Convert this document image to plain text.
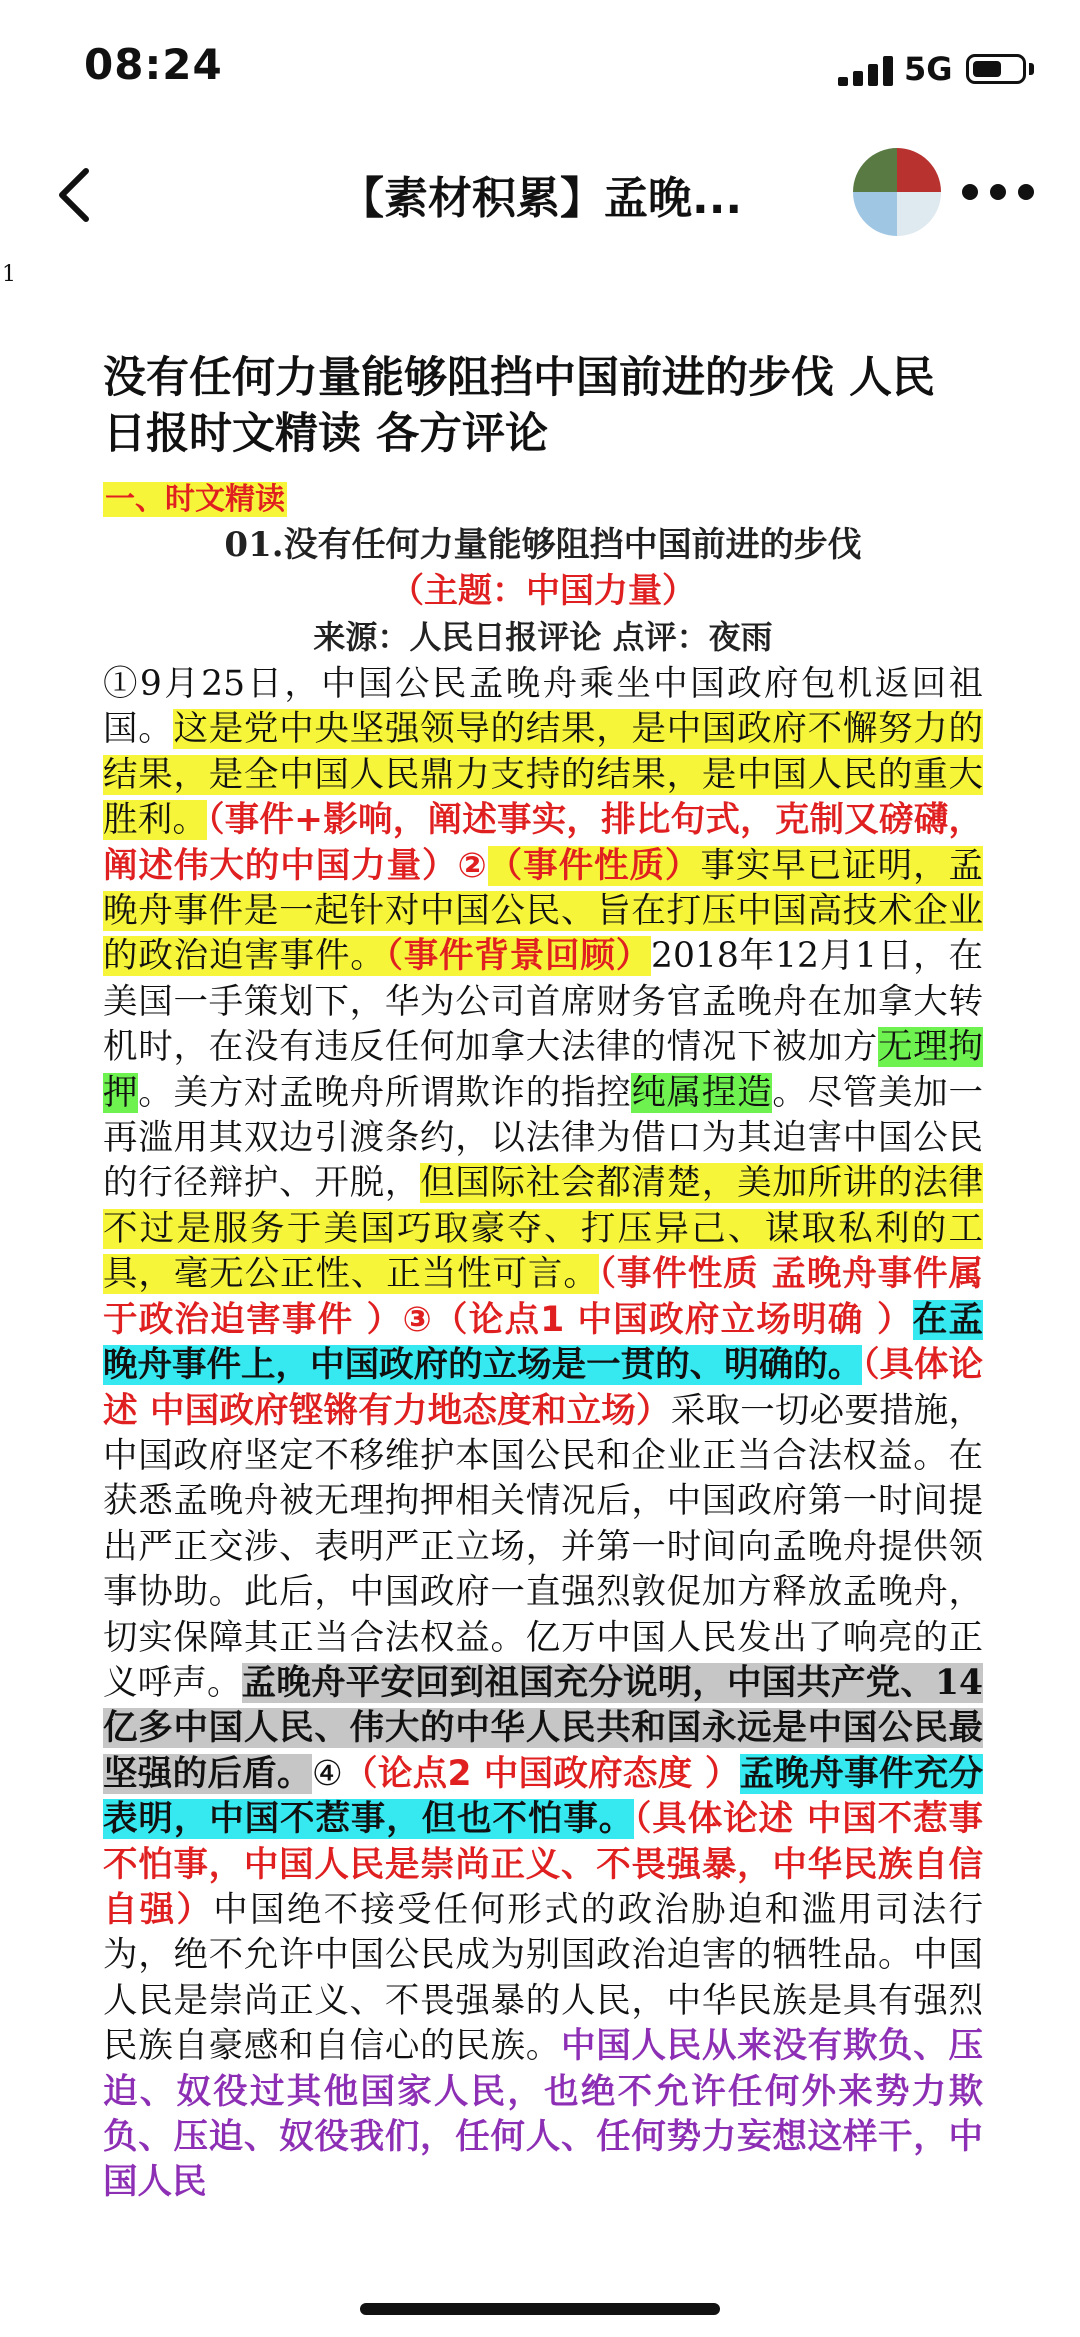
08:24	5G
【素材积累】孟晚...
1
没有任何力量能够阻挡中国前进的步伐 人民日报时文精读 各方评论
一、时文精读
01.没有任何力量能够阻挡中国前进的步伐
（主题：中国力量）
来源：人民日报评论 点评：夜雨
①9月25日，中国公民孟晚舟乘坐中国政府包机返回祖国。这是党中央坚强领导的结果，是中国政府不懈努力的结果，是全中国人民鼎力支持的结果，是中国人民的重大胜利。（事件+影响，阐述事实，排比句式，克制又磅礴，阐述伟大的中国力量）②（事件性质）事实早已证明，孟晚舟事件是一起针对中国公民、旨在打压中国高技术企业的政治迫害事件。（事件背景回顾）2018年12月1日，在美国一手策划下，华为公司首席财务官孟晚舟在加拿大转机时，在没有违反任何加拿大法律的情况下被加方无理拘押。美方对孟晚舟所谓欺诈的指控纯属捏造。尽管美加一再滥用其双边引渡条约，以法律为借口为其迫害中国公民的行径辩护、开脱，但国际社会都清楚，美加所讲的法律不过是服务于美国巧取豪夺、打压异己、谋取私利的工具，毫无公正性、正当性可言。（事件性质 孟晚舟事件属于政治迫害事件 ）③（论点1 中国政府立场明确 ）在孟晚舟事件上，中国政府的立场是一贯的、明确的。（具体论述 中国政府铿锵有力地态度和立场）采取一切必要措施，中国政府坚定不移维护本国公民和企业正当合法权益。在获悉孟晚舟被无理拘押相关情况后，中国政府第一时间提出严正交涉、表明严正立场，并第一时间向孟晚舟提供领事协助。此后，中国政府一直强烈敦促加方释放孟晚舟，切实保障其正当合法权益。亿万中国人民发出了响亮的正义呼声。孟晚舟平安回到祖国充分说明，中国共产党、14亿多中国人民、伟大的中华人民共和国永远是中国公民最坚强的后盾。④（论点2 中国政府态度 ）孟晚舟事件充分表明，中国不惹事，但也不怕事。（具体论述 中国不惹事不怕事，中国人民是崇尚正义、不畏强暴，中华民族自信自强）中国绝不接受任何形式的政治胁迫和滥用司法行为，绝不允许中国公民成为别国政治迫害的牺牲品。中国人民是崇尚正义、不畏强暴的人民，中华民族是具有强烈民族自豪感和自信心的民族。中国人民从来没有欺负、压迫、奴役过其他国家人民，也绝不允许任何外来势力欺负、压迫、奴役我们，任何人、任何势力妄想这样干，中国人民
